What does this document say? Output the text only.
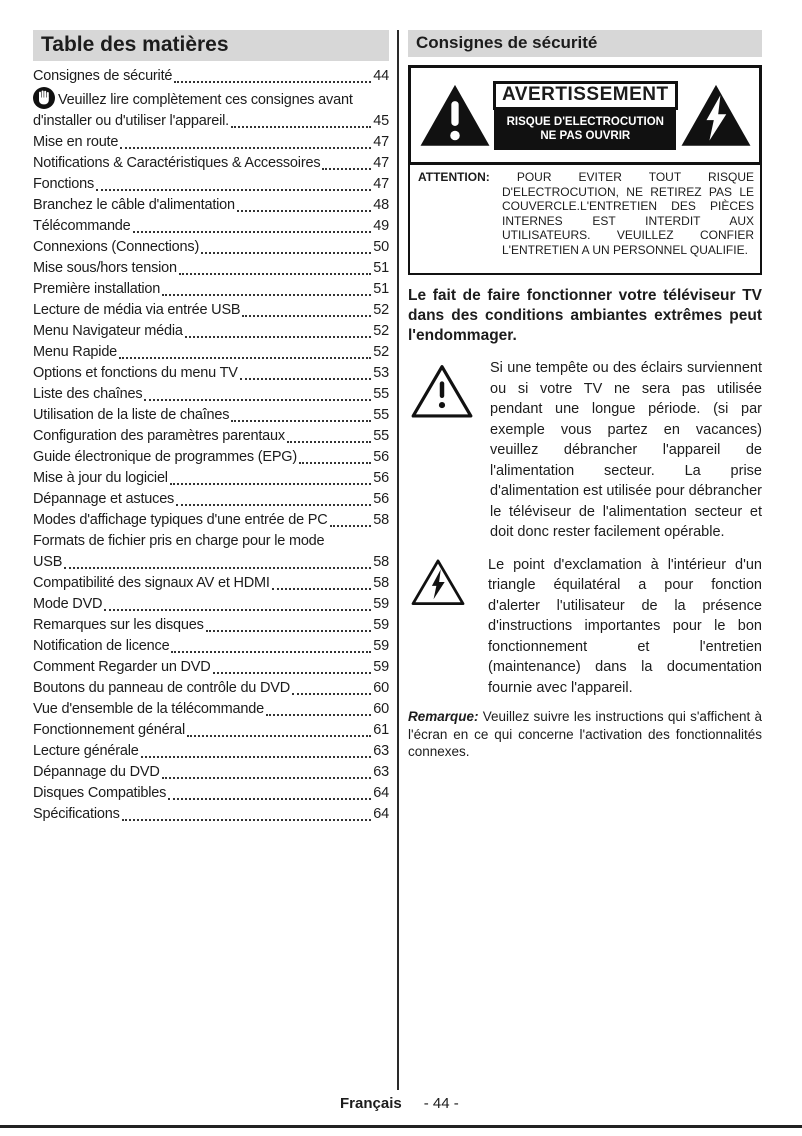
Table des matières
Consignes de sécurité	44
Veuillez lire complètement ces consignes avant
d'installer ou d'utiliser l'appareil.	45
Mise en route	47
Notifications & Caractéristiques & Accessoires	47
Fonctions	47
Branchez le câble d'alimentation	48
Télécommande	49
Connexions (Connections)	50
Mise sous/hors tension	51
Première installation	51
Lecture de média via entrée USB	52
Menu Navigateur média	52
Menu Rapide	52
Options et fonctions du menu TV	53
Liste des chaînes	55
Utilisation de la liste de chaînes	55
Configuration des paramètres parentaux	55
Guide électronique de programmes (EPG)	56
Mise à jour du logiciel	56
Dépannage et astuces	56
Modes d'affichage typiques d'une entrée de PC	58
Formats de fichier pris en charge pour le mode
USB	58
Compatibilité des signaux AV et HDMI	58
Mode DVD	59
Remarques sur les disques	59
Notification de licence	59
Comment Regarder un DVD	59
Boutons du panneau de contrôle du DVD	60
Vue d'ensemble de la télécommande	60
Fonctionnement général	61
Lecture générale	63
Dépannage du DVD	63
Disques Compatibles	64
Spécifications	64
Consignes de sécurité
AVERTISSEMENT
RISQUE D'ELECTROCUTION
NE PAS OUVRIR
ATTENTION: POUR EVITER TOUT RISQUE D'ELECTROCUTION, NE RETIREZ PAS LE COUVERCLE.L'ENTRETIEN DES PIÈCES INTERNES EST INTERDIT AUX UTILISATEURS. VEUILLEZ CONFIER L'ENTRETIEN A UN PERSONNEL QUALIFIE.
Le fait de faire fonctionner votre téléviseur TV dans des conditions ambiantes extrêmes peut l'endommager.
Si une tempête ou des éclairs surviennent ou si votre TV ne sera pas utilisée pendant une longue période. (si par exemple vous partez en vacances) veuillez débrancher l'appareil de l'alimentation secteur. La prise d'alimentation est utilisée pour débrancher le téléviseur de l'alimentation secteur et doit donc rester facilement opérable.
Le point d'exclamation à l'intérieur d'un triangle équilatéral a pour fonction d'alerter l'utilisateur de la présence d'instructions importantes pour le bon fonctionnement et l'entretien (maintenance) dans la documentation fournie avec l'appareil.
Remarque: Veuillez suivre les instructions qui s'affichent à l'écran en ce qui concerne l'activation des fonctionnalités connexes.
Français - 44 -
